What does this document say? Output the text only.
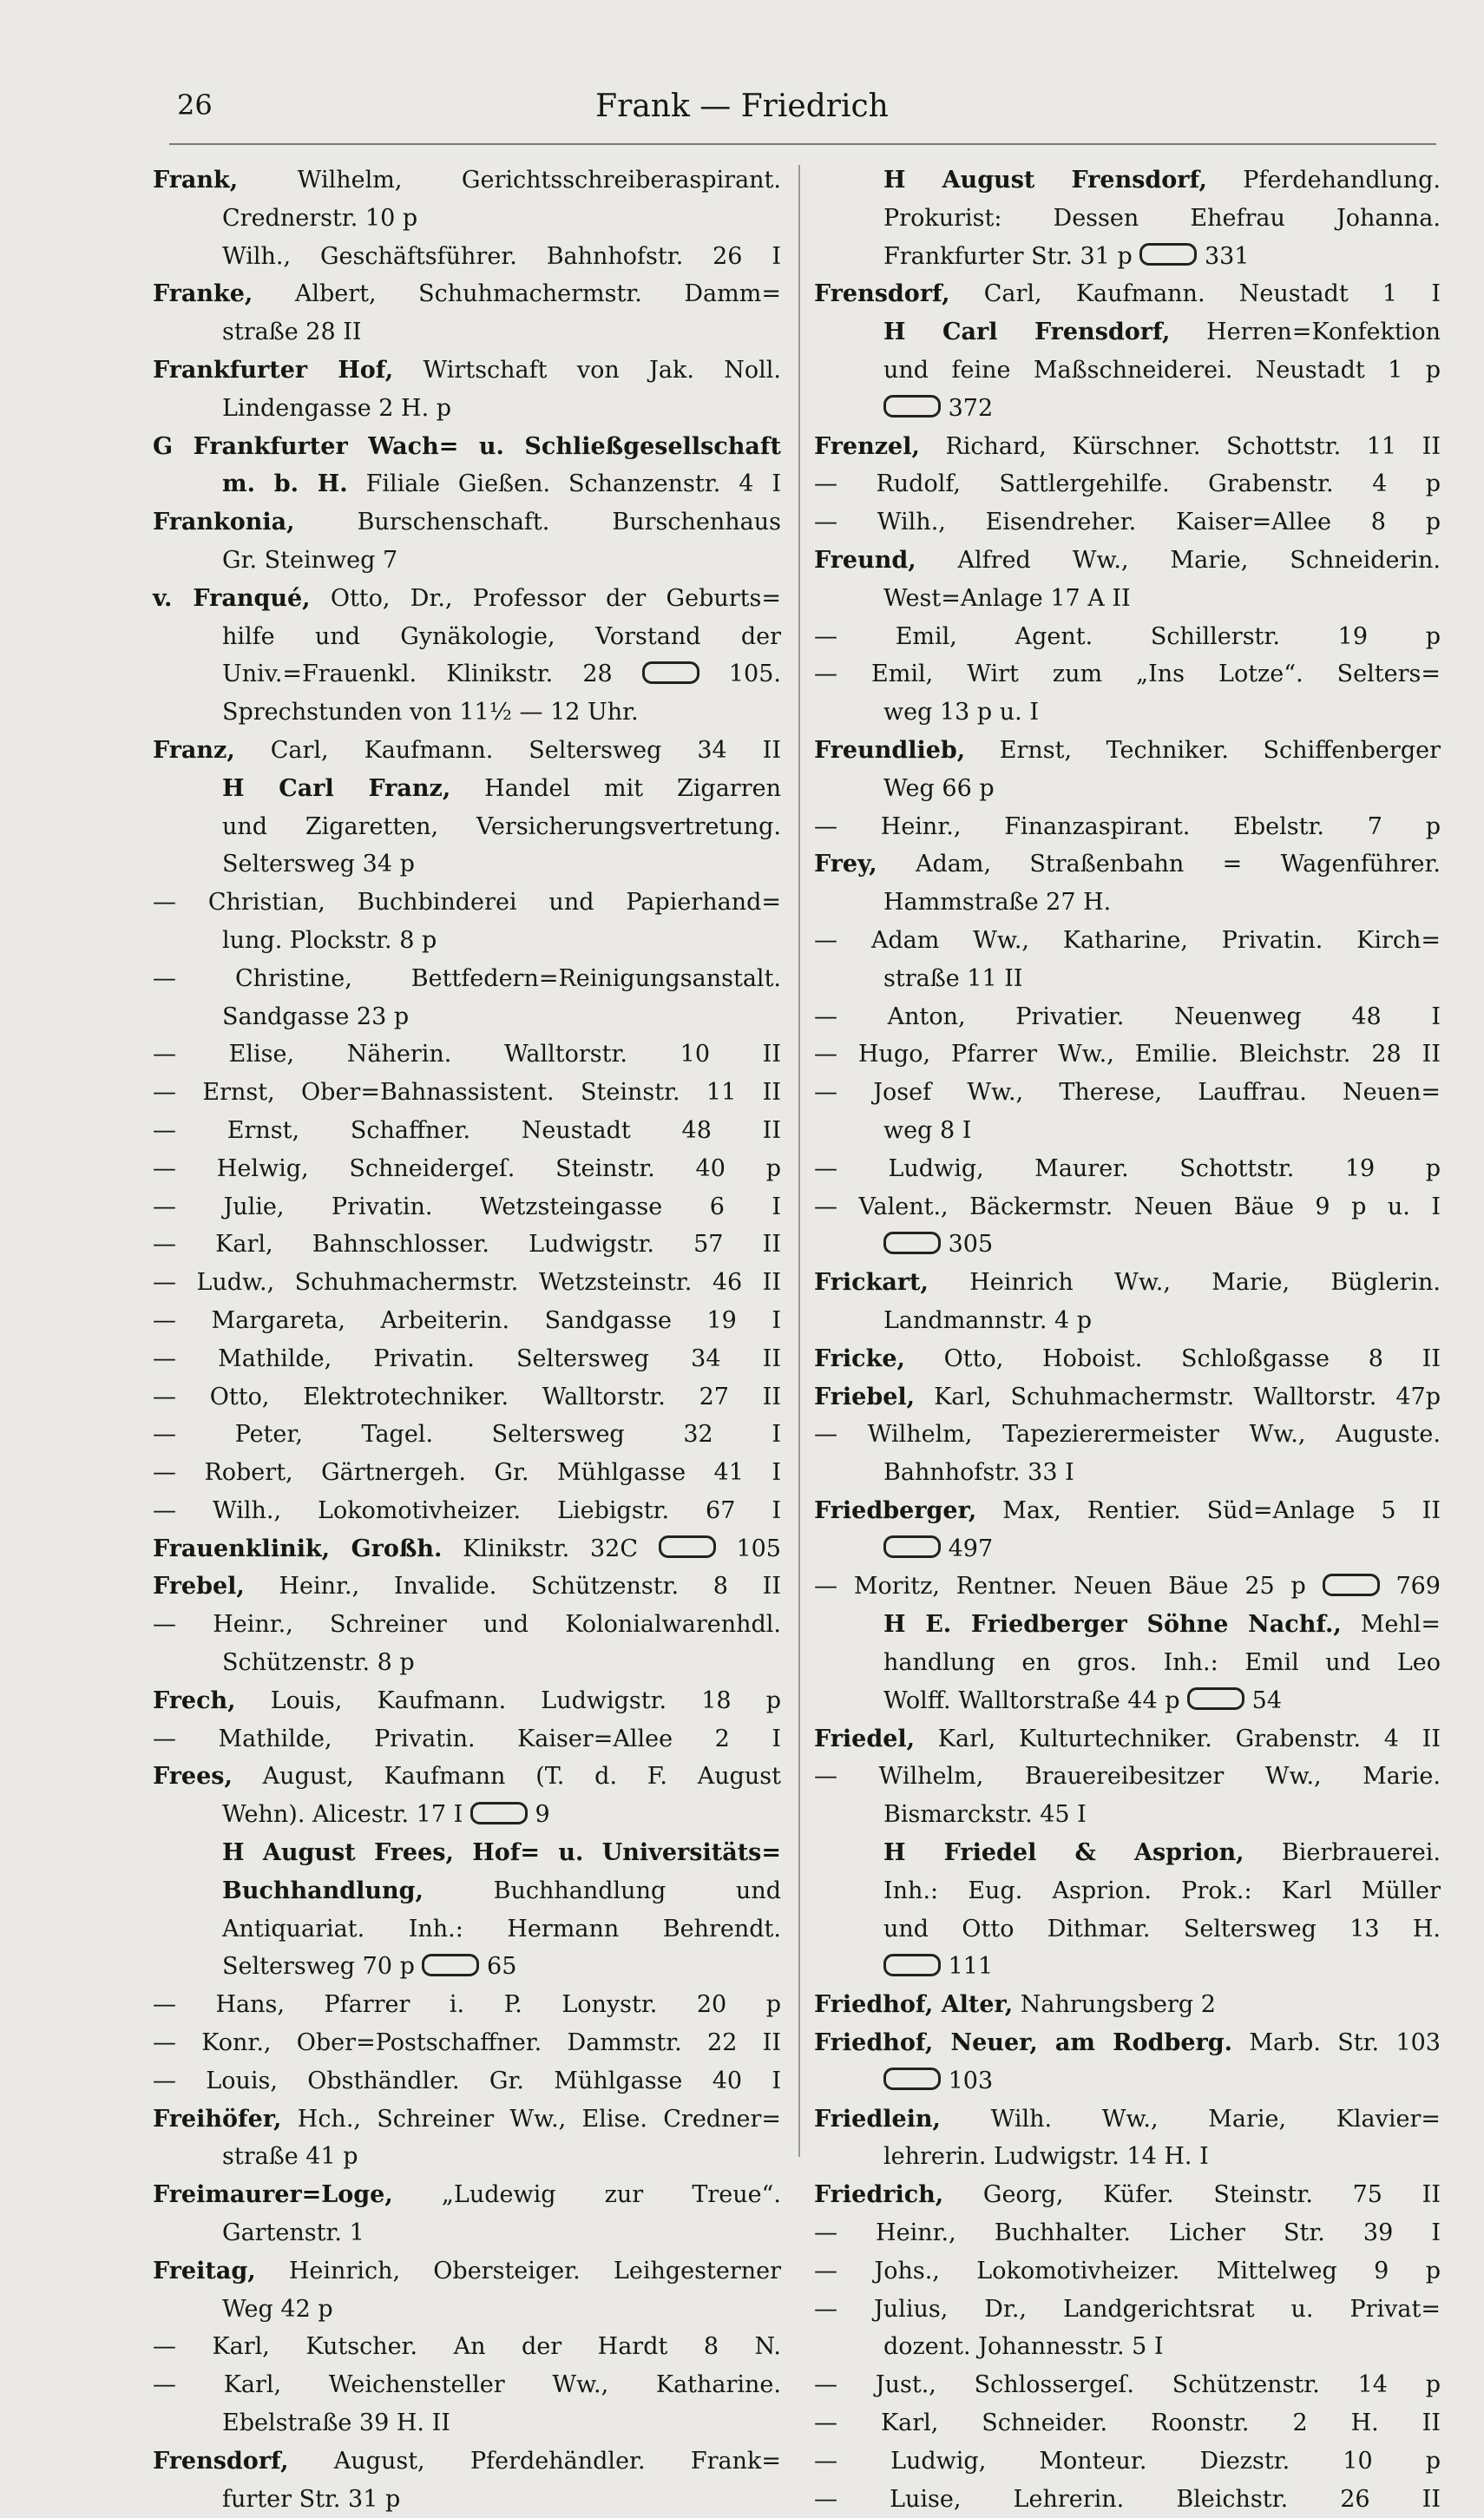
26	Frank — Friedrich
Frank, Wilhelm, Gerichtsschreiberaspirant.
Crednerstr. 10 p
Wilh., Geschäftsführer. Bahnhofstr. 26 I
Franke, Albert, Schuhmachermstr. Damm=
straße 28 II
Frankfurter Hof, Wirtschaft von Jak. Noll.
Lindengasse 2 H. p
G Frankfurter Wach= u. Schließgesellschaft
m. b. H. Filiale Gießen. Schanzenstr. 4 I
Frankonia, Burschenschaft. Burschenhaus
Gr. Steinweg 7
v. Franqué, Otto, Dr., Professor der Geburts=
hilfe und Gynäkologie, Vorstand der
Univ.=Frauenkl. Klinikstr. 28  105.
Sprechstunden von 11½ — 12 Uhr.
Franz, Carl, Kaufmann. Seltersweg 34 II
H Carl Franz, Handel mit Zigarren
und Zigaretten, Versicherungsvertretung.
Seltersweg 34 p
— Christian, Buchbinderei und Papierhand=
lung. Plockstr. 8 p
— Christine, Bettfedern=Reinigungsanstalt.
Sandgasse 23 p
— Elise, Näherin. Walltorstr. 10 II
— Ernst, Ober=Bahnassistent. Steinstr. 11 II
— Ernst, Schaffner. Neustadt 48 II
— Helwig, Schneidergeſ. Steinstr. 40 p
— Julie, Privatin. Wetzsteingasse 6 I
— Karl, Bahnschlosser. Ludwigstr. 57 II
— Ludw., Schuhmachermstr. Wetzsteinstr. 46 II
— Margareta, Arbeiterin. Sandgasse 19 I
— Mathilde, Privatin. Seltersweg 34 II
— Otto, Elektrotechniker. Walltorstr. 27 II
— Peter, Tagel. Seltersweg 32 I
— Robert, Gärtnergeh. Gr. Mühlgasse 41 I
— Wilh., Lokomotivheizer. Liebigstr. 67 I
Frauenklinik, Großh. Klinikstr. 32C  105
Frebel, Heinr., Invalide. Schützenstr. 8 II
— Heinr., Schreiner und Kolonialwarenhdl.
Schützenstr. 8 p
Frech, Louis, Kaufmann. Ludwigstr. 18 p
— Mathilde, Privatin. Kaiser=Allee 2 I
Frees, August, Kaufmann (T. d. F. August
Wehn). Alicestr. 17 I  9
H August Frees, Hof= u. Universitäts=
Buchhandlung, Buchhandlung und
Antiquariat. Inh.: Hermann Behrendt.
Seltersweg 70 p  65
— Hans, Pfarrer i. P. Lonystr. 20 p
— Konr., Ober=Postschaffner. Dammstr. 22 II
— Louis, Obsthändler. Gr. Mühlgasse 40 I
Freihöfer, Hch., Schreiner Ww., Elise. Credner=
straße 41 p
Freimaurer=Loge, „Ludewig zur Treue“.
Gartenstr. 1
Freitag, Heinrich, Obersteiger. Leihgesterner
Weg 42 p
— Karl, Kutscher. An der Hardt 8 N.
— Karl, Weichensteller Ww., Katharine.
Ebelstraße 39 H. II
Frensdorf, August, Pferdehändler. Frank=
furter Str. 31 p
H August Frensdorf, Pferdehandlung.
Prokurist: Dessen Ehefrau Johanna.
Frankfurter Str. 31 p  331
Frensdorf, Carl, Kaufmann. Neustadt 1 I
H Carl Frensdorf, Herren=Konfektion
und feine Maßschneiderei. Neustadt 1 p
372
Frenzel, Richard, Kürschner. Schottstr. 11 II
— Rudolf, Sattlergehilfe. Grabenstr. 4 p
— Wilh., Eisendreher. Kaiser=Allee 8 p
Freund, Alfred Ww., Marie, Schneiderin.
West=Anlage 17 A II
— Emil, Agent. Schillerstr. 19 p
— Emil, Wirt zum „Ins Lotze“. Selters=
weg 13 p u. I
Freundlieb, Ernst, Techniker. Schiffenberger
Weg 66 p
— Heinr., Finanzaspirant. Ebelstr. 7 p
Frey, Adam, Straßenbahn = Wagenführer.
Hammstraße 27 H.
— Adam Ww., Katharine, Privatin. Kirch=
straße 11 II
— Anton, Privatier. Neuenweg 48 I
— Hugo, Pfarrer Ww., Emilie. Bleichstr. 28 II
— Josef Ww., Therese, Lauffrau. Neuen=
weg 8 I
— Ludwig, Maurer. Schottstr. 19 p
— Valent., Bäckermstr. Neuen Bäue 9 p u. I
305
Frickart, Heinrich Ww., Marie, Büglerin.
Landmannstr. 4 p
Fricke, Otto, Hoboist. Schloßgasse 8 II
Friebel, Karl, Schuhmachermstr. Walltorstr. 47p
— Wilhelm, Tapezierermeister Ww., Auguste.
Bahnhofstr. 33 I
Friedberger, Max, Rentier. Süd=Anlage 5 II
497
— Moritz, Rentner. Neuen Bäue 25 p  769
H E. Friedberger Söhne Nachf., Mehl=
handlung en gros. Inh.: Emil und Leo
Wolff. Walltorstraße 44 p  54
Friedel, Karl, Kulturtechniker. Grabenstr. 4 II
— Wilhelm, Brauereibesitzer Ww., Marie.
Bismarckstr. 45 I
H Friedel & Asprion, Bierbrauerei.
Inh.: Eug. Asprion. Prok.: Karl Müller
und Otto Dithmar. Seltersweg 13 H.
111
Friedhof, Alter, Nahrungsberg 2
Friedhof, Neuer, am Rodberg. Marb. Str. 103
103
Friedlein, Wilh. Ww., Marie, Klavier=
lehrerin. Ludwigstr. 14 H. I
Friedrich, Georg, Küfer. Steinstr. 75 II
— Heinr., Buchhalter. Licher Str. 39 I
— Johs., Lokomotivheizer. Mittelweg 9 p
— Julius, Dr., Landgerichtsrat u. Privat=
dozent. Johannesstr. 5 I
— Just., Schlossergeſ. Schützenstr. 14 p
— Karl, Schneider. Roonstr. 2 H. II
— Ludwig, Monteur. Diezstr. 10 p
— Luise, Lehrerin. Bleichstr. 26 II
